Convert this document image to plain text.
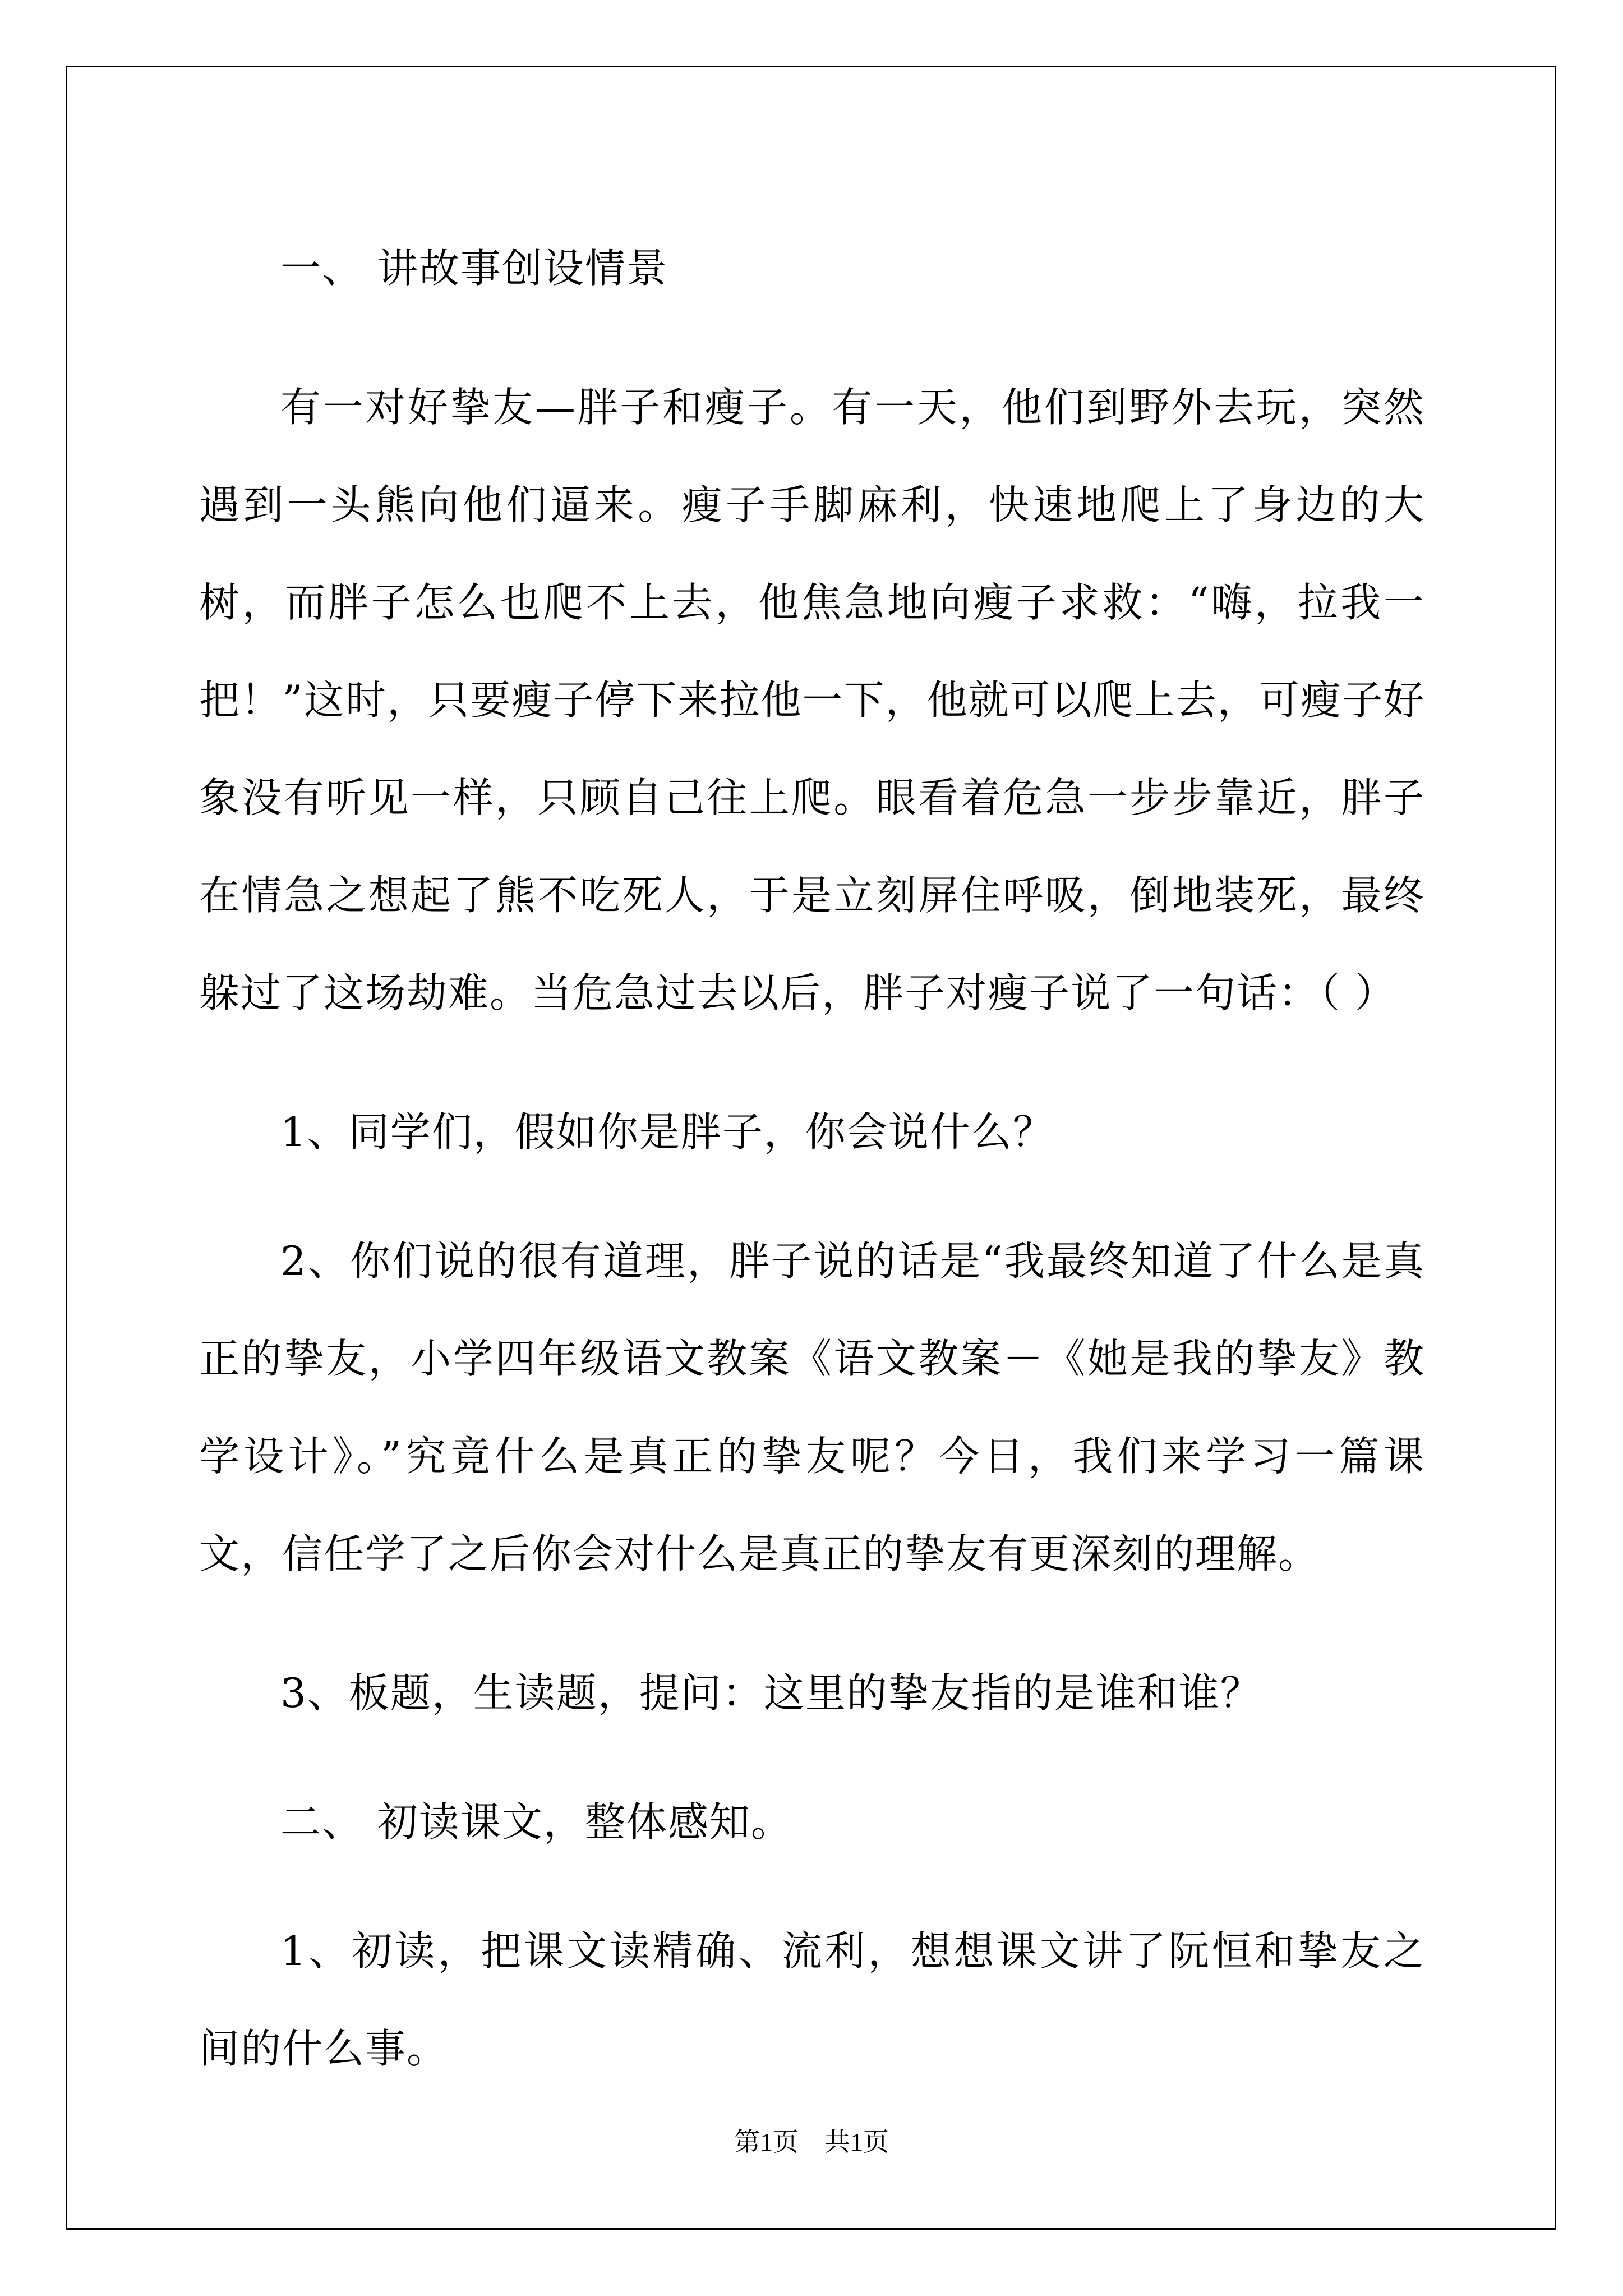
一、 讲故事创设情景

有一对好挚友—胖子和瘦子。有一天，他们到野外去玩，突然遇到一头熊向他们逼来。瘦子手脚麻利，快速地爬上了身边的大树，而胖子怎么也爬不上去，他焦急地向瘦子求救：“嗨，拉我一把！”这时，只要瘦子停下来拉他一下，他就可以爬上去，可瘦子好象没有听见一样，只顾自己往上爬。眼看着危急一步步靠近，胖子在情急之想起了熊不吃死人，于是立刻屏住呼吸，倒地装死，最终躲过了这场劫难。当危急过去以后，胖子对瘦子说了一句话：（ ）

1、同学们，假如你是胖子，你会说什么？

2、你们说的很有道理，胖子说的话是“我最终知道了什么是真正的挚友，小学四年级语文教案《语文教案－《她是我的挚友》教学设计》。”究竟什么是真正的挚友呢？今日，我们来学习一篇课文，信任学了之后你会对什么是真正的挚友有更深刻的理解。

3、板题，生读题，提问：这里的挚友指的是谁和谁？

二、 初读课文，整体感知。

1、初读，把课文读精确、流利，想想课文讲了阮恒和挚友之间的什么事。

第1页　共1页
